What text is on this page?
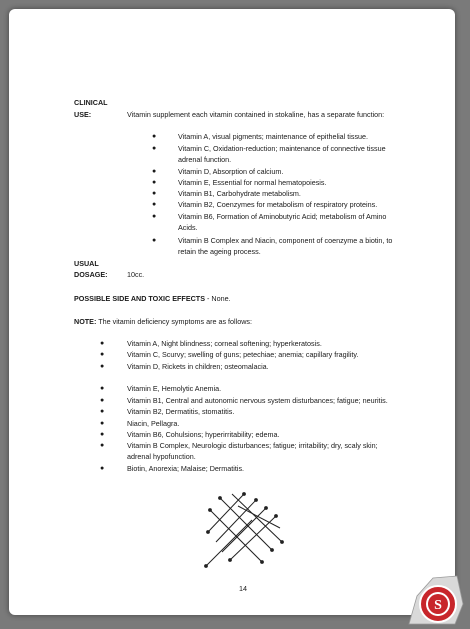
CLINICAL
USE:	Vitamin supplement each vitamin contained in stokaline, has a separate function:
●	Vitamin A, visual pigments; maintenance of epithelial tissue.
●	Vitamin C, Oxidation-reduction; maintenance of connective tissue
adrenal function.
●	Vitamin D, Absorption of calcium.
●	Vitamin E, Essential for normal hematopoiesis.
●	Vitamin B1, Carbohydrate metabolism.
●	Vitamin B2, Coenzymes for metabolism of respiratory proteins.
●	Vitamin B6, Formation of Aminobutyric Acid; metabolism of Amino
Acids.
●	Vitamin B Complex and Niacin, component of coenzyme a biotin, to
retain the ageing process.
USUAL
DOSAGE:	10cc.
POSSIBLE SIDE AND TOXIC EFFECTS - None.
NOTE: The vitamin deficiency symptoms are as follows:
●	Vitamin A, Night blindness; corneal softening; hyperkeratosis.
●	Vitamin C, Scurvy; swelling of guns; petechiae; anemia; capillary fragility.
●	Vitamin D, Rickets in children; osteomalacia.
●	Vitamin E, Hemolytic Anemia.
●	Vitamin B1, Central and autonomic nervous system disturbances; fatigue; neuritis.
●	Vitamin B2, Dermatitis, stomatitis.
●	Niacin, Pellagra.
●	Vitamin B6, Cohulsions; hyperirritability; edema.
●	Vitamin B Complex, Neurologic disturbances; fatigue; irritability; dry, scaly skin;
adrenal hypofunction.
●	Biotin, Anorexia; Malaise; Dermatitis.
14
S
